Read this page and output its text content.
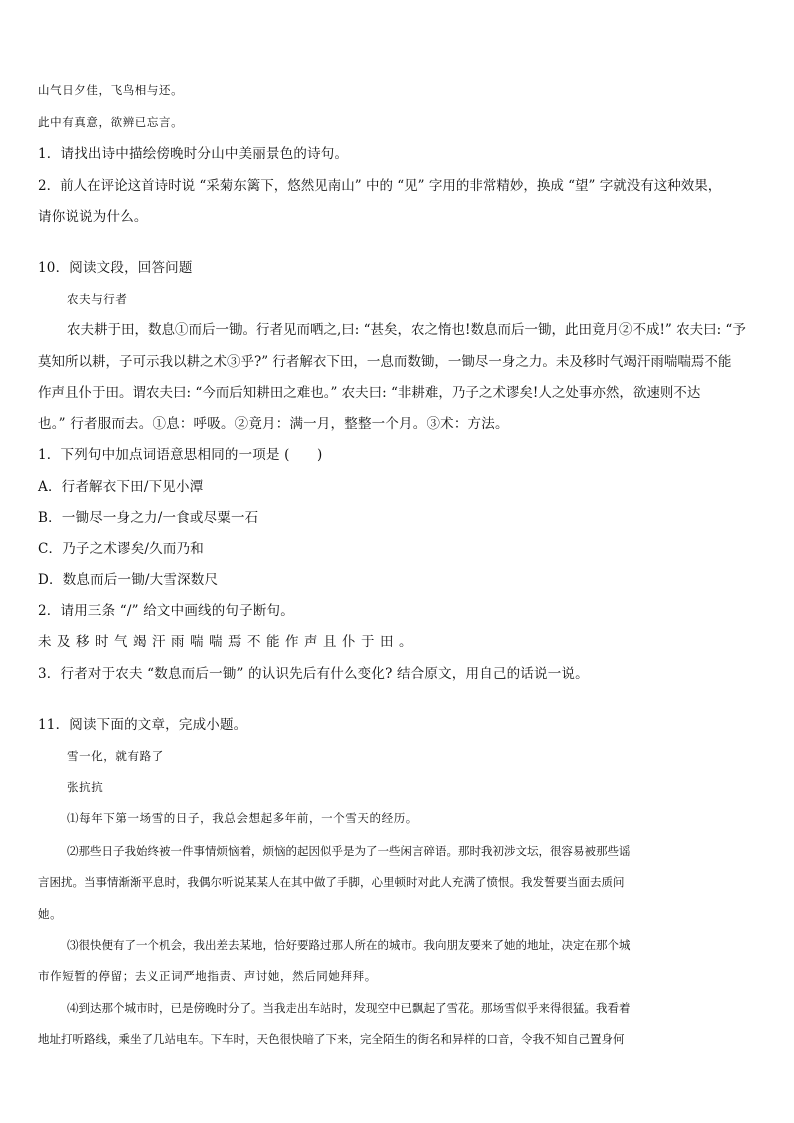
山气日夕佳，飞鸟相与还。
此中有真意，欲辨已忘言。
1．请找出诗中描绘傍晚时分山中美丽景色的诗句。
2．前人在评论这首诗时说 “采菊东篱下，悠然见南山” 中的 “见” 字用的非常精妙，换成 “望” 字就没有这种效果，
请你说说为什么。
10．阅读文段，回答问题
农夫与行者
农夫耕于田，数息①而后一锄。行者见而哂之,曰: “甚矣，农之惰也!数息而后一锄，此田竟月②不成!” 农夫曰: “予
莫知所以耕，子可示我以耕之术③乎?” 行者解衣下田，一息而数锄，一锄尽一身之力。未及移时气竭汗雨喘喘焉不能
作声且仆于田。谓农夫曰: “今而后知耕田之难也。” 农夫曰: “非耕难，乃子之术谬矣!人之处事亦然，欲速则不达
也。” 行者服而去。①息：呼吸。②竟月：满一月，整整一个月。③术：方法。
1．下列句中加点词语意思相同的一项是 (　　)
A．行者解衣下田/下见小潭
B．一锄尽一身之力/一食或尽粟一石
C．乃子之术谬矣/久而乃和
D．数息而后一锄/大雪深数尺
2．请用三条 “/” 给文中画线的句子断句。
未及移时气竭汗雨喘喘焉不能作声且仆于田。
3．行者对于农夫 “数息而后一锄” 的认识先后有什么变化? 结合原文，用自己的话说一说。
11．阅读下面的文章，完成小题。
雪一化，就有路了
张抗抗
⑴每年下第一场雪的日子，我总会想起多年前，一个雪天的经历。
⑵那些日子我始终被一件事情烦恼着，烦恼的起因似乎是为了一些闲言碎语。那时我初涉文坛，很容易被那些谣
言困扰。当事情渐渐平息时，我偶尔听说某某人在其中做了手脚，心里顿时对此人充满了愤恨。我发誓要当面去质问
她。
⑶很快便有了一个机会，我出差去某地，恰好要路过那人所在的城市。我向朋友要来了她的地址，决定在那个城
市作短暂的停留；去义正词严地指责、声讨她，然后同她拜拜。
⑷到达那个城市时，已是傍晚时分了。当我走出车站时，发现空中已飘起了雪花。那场雪似乎来得很猛。我看着
地址打听路线，乘坐了几站电车。下车时，天色很快暗了下来，完全陌生的街名和异样的口音，令我不知自己置身何
